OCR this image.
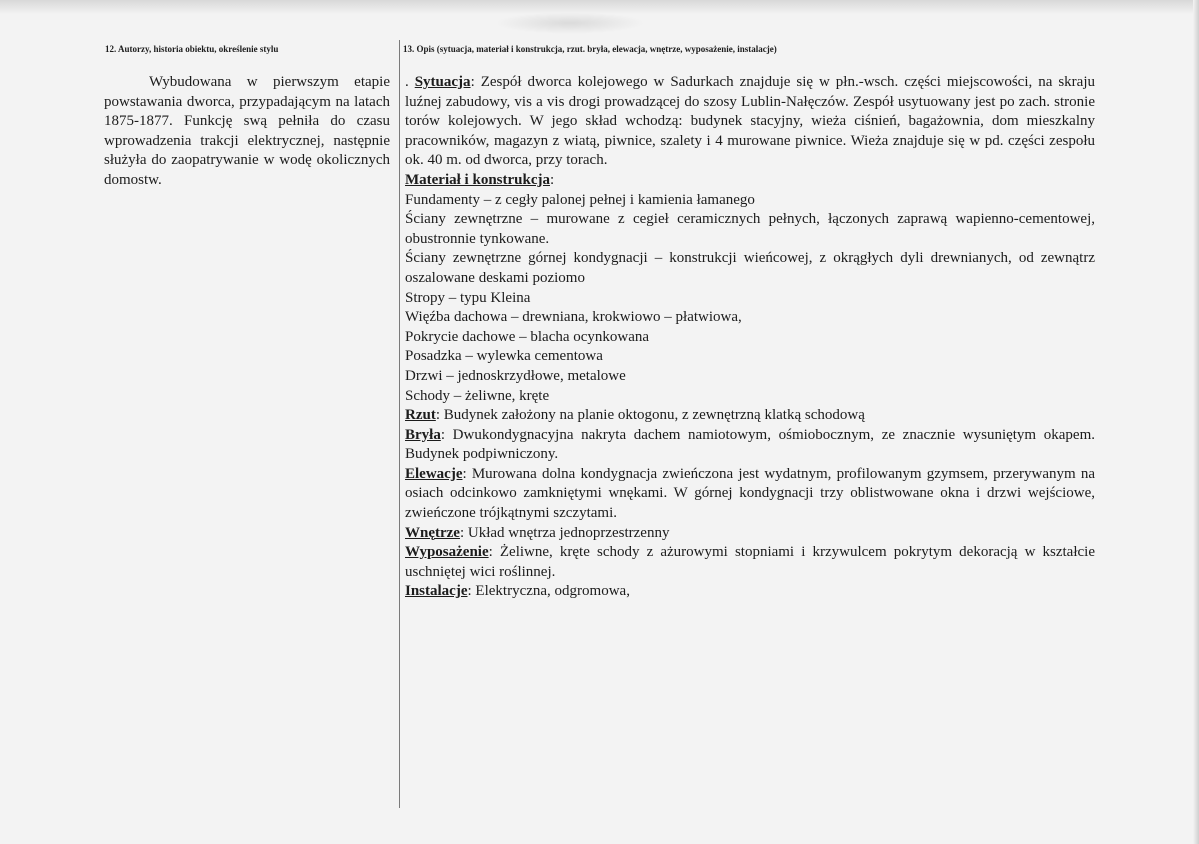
12. Autorzy, historia obiektu, określenie stylu	13. Opis (sytuacja, materiał i konstrukcja, rzut. bryła, elewacja, wnętrze, wyposażenie, instalacje)

Wybudowana w pierwszym etapie powstawania dworca, przypadającym na latach 1875-1877. Funkcję swą pełniła do czasu wprowadzenia trakcji elektrycznej, następnie służyła do zaopatrywanie w wodę okolicznych domostw.

. Sytuacja: Zespół dworca kolejowego w Sadurkach znajduje się w płn.-wsch. części miejscowości, na skraju luźnej zabudowy, vis a vis drogi prowadzącej do szosy Lublin-Nałęczów. Zespół usytuowany jest po zach. stronie torów kolejowych. W jego skład wchodzą: budynek stacyjny, wieża ciśnień, bagażownia, dom mieszkalny pracowników, magazyn z wiatą, piwnice, szalety i 4 murowane piwnice. Wieża znajduje się w pd. części zespołu ok. 40 m. od dworca, przy torach.

Materiał i konstrukcja:

Fundamenty – z cegły palonej pełnej i kamienia łamanego

Ściany zewnętrzne – murowane z cegieł ceramicznych pełnych, łączonych zaprawą wapienno-cementowej, obustronnie tynkowane.

Ściany zewnętrzne górnej kondygnacji – konstrukcji wieńcowej, z okrągłych dyli drewnianych, od zewnątrz oszalowane deskami poziomo

Stropy – typu Kleina

Więźba dachowa – drewniana, krokwiowo – płatwiowa,

Pokrycie dachowe – blacha ocynkowana

Posadzka – wylewka cementowa

Drzwi – jednoskrzydłowe, metalowe

Schody – żeliwne, kręte

Rzut: Budynek założony na planie oktogonu, z zewnętrzną klatką schodową

Bryła: Dwukondygnacyjna nakryta dachem namiotowym, ośmiobocznym, ze znacznie wysuniętym okapem. Budynek podpiwniczony.

Elewacje: Murowana dolna kondygnacja zwieńczona jest wydatnym, profilowanym gzymsem, przerywanym na osiach odcinkowo zamkniętymi wnękami. W górnej kondygnacji trzy oblistwowane okna i drzwi wejściowe, zwieńczone trójkątnymi szczytami.

Wnętrze: Układ wnętrza jednoprzestrzenny

Wyposażenie: Żeliwne, kręte schody z ażurowymi stopniami i krzywulcem pokrytym dekoracją w kształcie uschniętej wici roślinnej.

Instalacje: Elektryczna, odgromowa,
